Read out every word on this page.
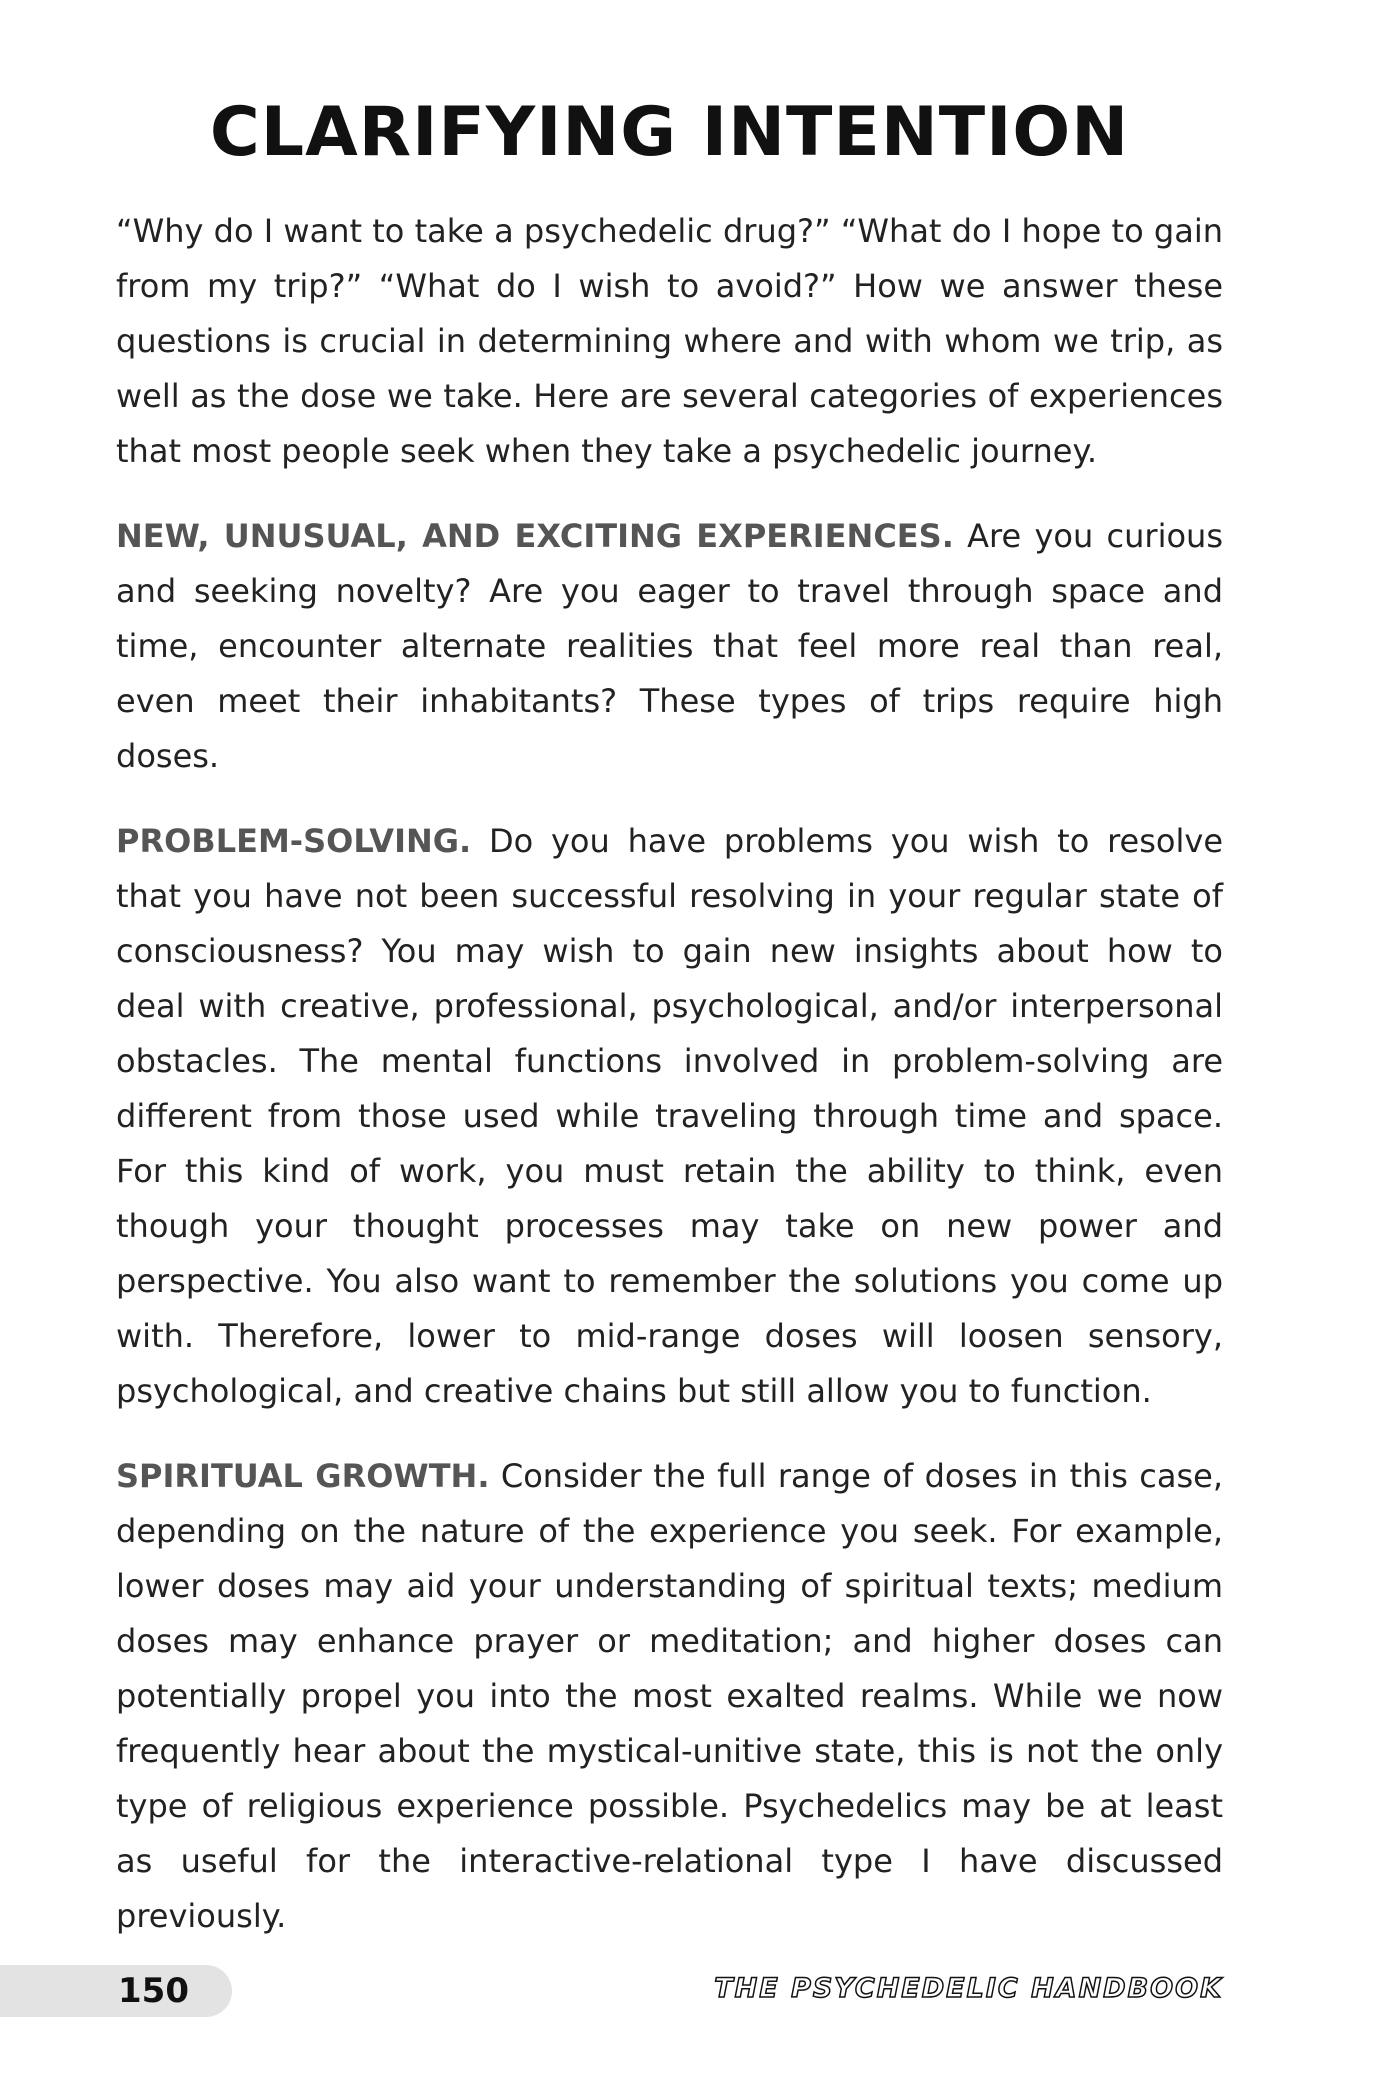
CLARIFYING INTENTION

“Why do I want to take a psychedelic drug?” “What do I hope to gain from my trip?” “What do I wish to avoid?” How we answer these questions is crucial in determining where and with whom we trip, as well as the dose we take. Here are several categories of experiences that most people seek when they take a psychedelic journey.

NEW, UNUSUAL, AND EXCITING EXPERIENCES. Are you curious and seeking novelty? Are you eager to travel through space and time, encounter alternate realities that feel more real than real, even meet their inhabitants? These types of trips require high doses.

PROBLEM-SOLVING. Do you have problems you wish to resolve that you have not been successful resolving in your regular state of consciousness? You may wish to gain new insights about how to deal with creative, professional, psychological, and/or interpersonal obstacles. The mental functions involved in problem-solving are different from those used while traveling through time and space. For this kind of work, you must retain the ability to think, even though your thought processes may take on new power and perspective. You also want to remember the solutions you come up with. Therefore, lower to mid-range doses will loosen sensory, psychological, and creative chains but still allow you to function.

SPIRITUAL GROWTH. Consider the full range of doses in this case, depending on the nature of the experience you seek. For example, lower doses may aid your understanding of spiritual texts; medium doses may enhance prayer or meditation; and higher doses can potentially propel you into the most exalted realms. While we now frequently hear about the mystical-unitive state, this is not the only type of religious experience possible. Psychedelics may be at least as useful for the interactive-relational type I have discussed previously.

150	THE PSYCHEDELIC HANDBOOK
